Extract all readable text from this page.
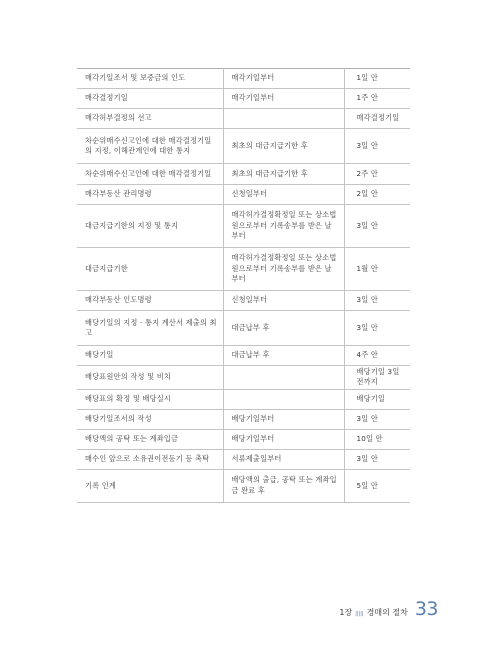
매각기일조서 및 보증금의 인도	매각기일부터	1일 안
매각결정기일	매각기일부터	1주 안
매각허부결정의 선고		매각결정기일
차순위매수신고인에 대한 매각결정기일의 지정, 이해관계인에 대한 통지	최초의 대금지급기한 후	3일 안
차순위매수신고인에 대한 매각결정기일	최초의 대금지급기한 후	2주 안
매각부동산 관리명령	신청일부터	2일 안
대금지급기한의 지정 및 통지	매각허가결정확정일 또는 상소법원으로부터 기록송부를 받은 날부터	3일 안
대금지급기한	매각허가결정확정일 또는 상소법원으로부터 기록송부를 받은 날부터	1월 안
매각부동산 인도명령	신청일부터	3일 안
배당기일의 지정 · 통지 계산서 제출의 최고	대금납부 후	3일 안
배당기일	대금납부 후	4주 안
배당표원안의 작성 및 비치		배당기일 3일 전까지
배당표의 확정 및 배당실시		배당기일
배당기일조서의 작성	배당기일부터	3일 안
배당액의 공탁 또는 계좌입금	배당기일부터	10일 안
매수인 앞으로 소유권이전등기 등 촉탁	서류제출일부터	3일 안
기록 인계	배당액의 출급, 공탁 또는 계좌입금 완료 후	5일 안
1장 ||||| 경매의 절차 33
